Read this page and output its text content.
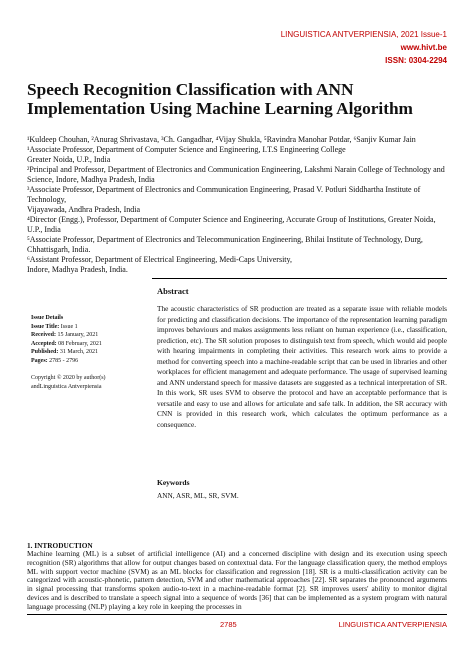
LINGUISTICA ANTVERPIENSIA, 2021 Issue-1
www.hivt.be
ISSN: 0304-2294
Speech Recognition Classification with ANN Implementation Using Machine Learning Algorithm

¹Kuldeep Chouhan, ²Anurag Shrivastava, ³Ch. Gangadhar, ⁴Vijay Shukla, ⁵Ravindra Manohar Potdar, ⁶Sanjiv Kumar Jain

¹Associate Professor, Department of Computer Science and Engineering, I.T.S Engineering College

Greater Noida, U.P., India

²Principal and Professor, Department of Electronics and Communication Engineering, Lakshmi Narain College of Technology and Science, Indore, Madhya Pradesh, India

³Associate Professor, Department of Electronics and Communication Engineering, Prasad V. Potluri Siddhartha Institute of Technology,

Vijayawada, Andhra Pradesh, India

⁴Director (Engg.), Professor, Department of Computer Science and Engineering, Accurate Group of Institutions, Greater Noida, U.P., India

⁵Associate Professor, Department of Electronics and Telecommunication Engineering, Bhilai Institute of Technology, Durg, Chhattisgarh, India.

⁶Assistant Professor, Department of Electrical Engineering, Medi-Caps University,

Indore, Madhya Pradesh, India.

Issue Details

Issue Title: Issue 1

Received: 15 January, 2021

Accepted: 08 February, 2021

Published: 31 March, 2021

Pages: 2785 - 2796

Copyright © 2020 by author(s)

andLinguistica Antverpiensia

Abstract
The acoustic characteristics of SR production are treated as a separate issue with reliable models for predicting and classification decisions. The importance of the representation learning paradigm improves behaviours and makes assignments less reliant on human experience (i.e., classification, prediction, etc). The SR solution proposes to distinguish text from speech, which would aid people with hearing impairments in completing their activities. This research work aims to provide a method for converting speech into a machine-readable script that can be used in libraries and other workplaces for efficient management and adequate performance. The usage of supervised learning and ANN understand speech for massive datasets are suggested as a technical interpretation of SR. In this work, SR uses SVM to observe the protocol and have an acceptable performance that is versatile and easy to use and allows for articulate and safe talk. In addition, the SR accuracy with CNN is provided in this research work, which calculates the optimum performance as a consequence.
Keywords
ANN, ASR, ML, SR, SVM.
1. INTRODUCTION
Machine learning (ML) is a subset of artificial intelligence (AI) and a concerned discipline with design and its execution using speech recognition (SR) algorithms that allow for output changes based on contextual data. For the language classification query, the method employs ML with support vector machine (SVM) as an ML blocks for classification and regression [18]. SR is a multi-classification activity can be categorized with acoustic-phonetic, pattern detection, SVM and other mathematical approaches [22]. SR separates the pronounced arguments in signal processing that transforms spoken audio-to-text in a machine-readable format [2]. SR improves users' ability to monitor digital devices and is described to translate a speech signal into a sequence of words [36] that can be implemented as a system program with natural language processing (NLP) playing a key role in keeping the processes in
2785	LINGUISTICA ANTVERPIENSIA
